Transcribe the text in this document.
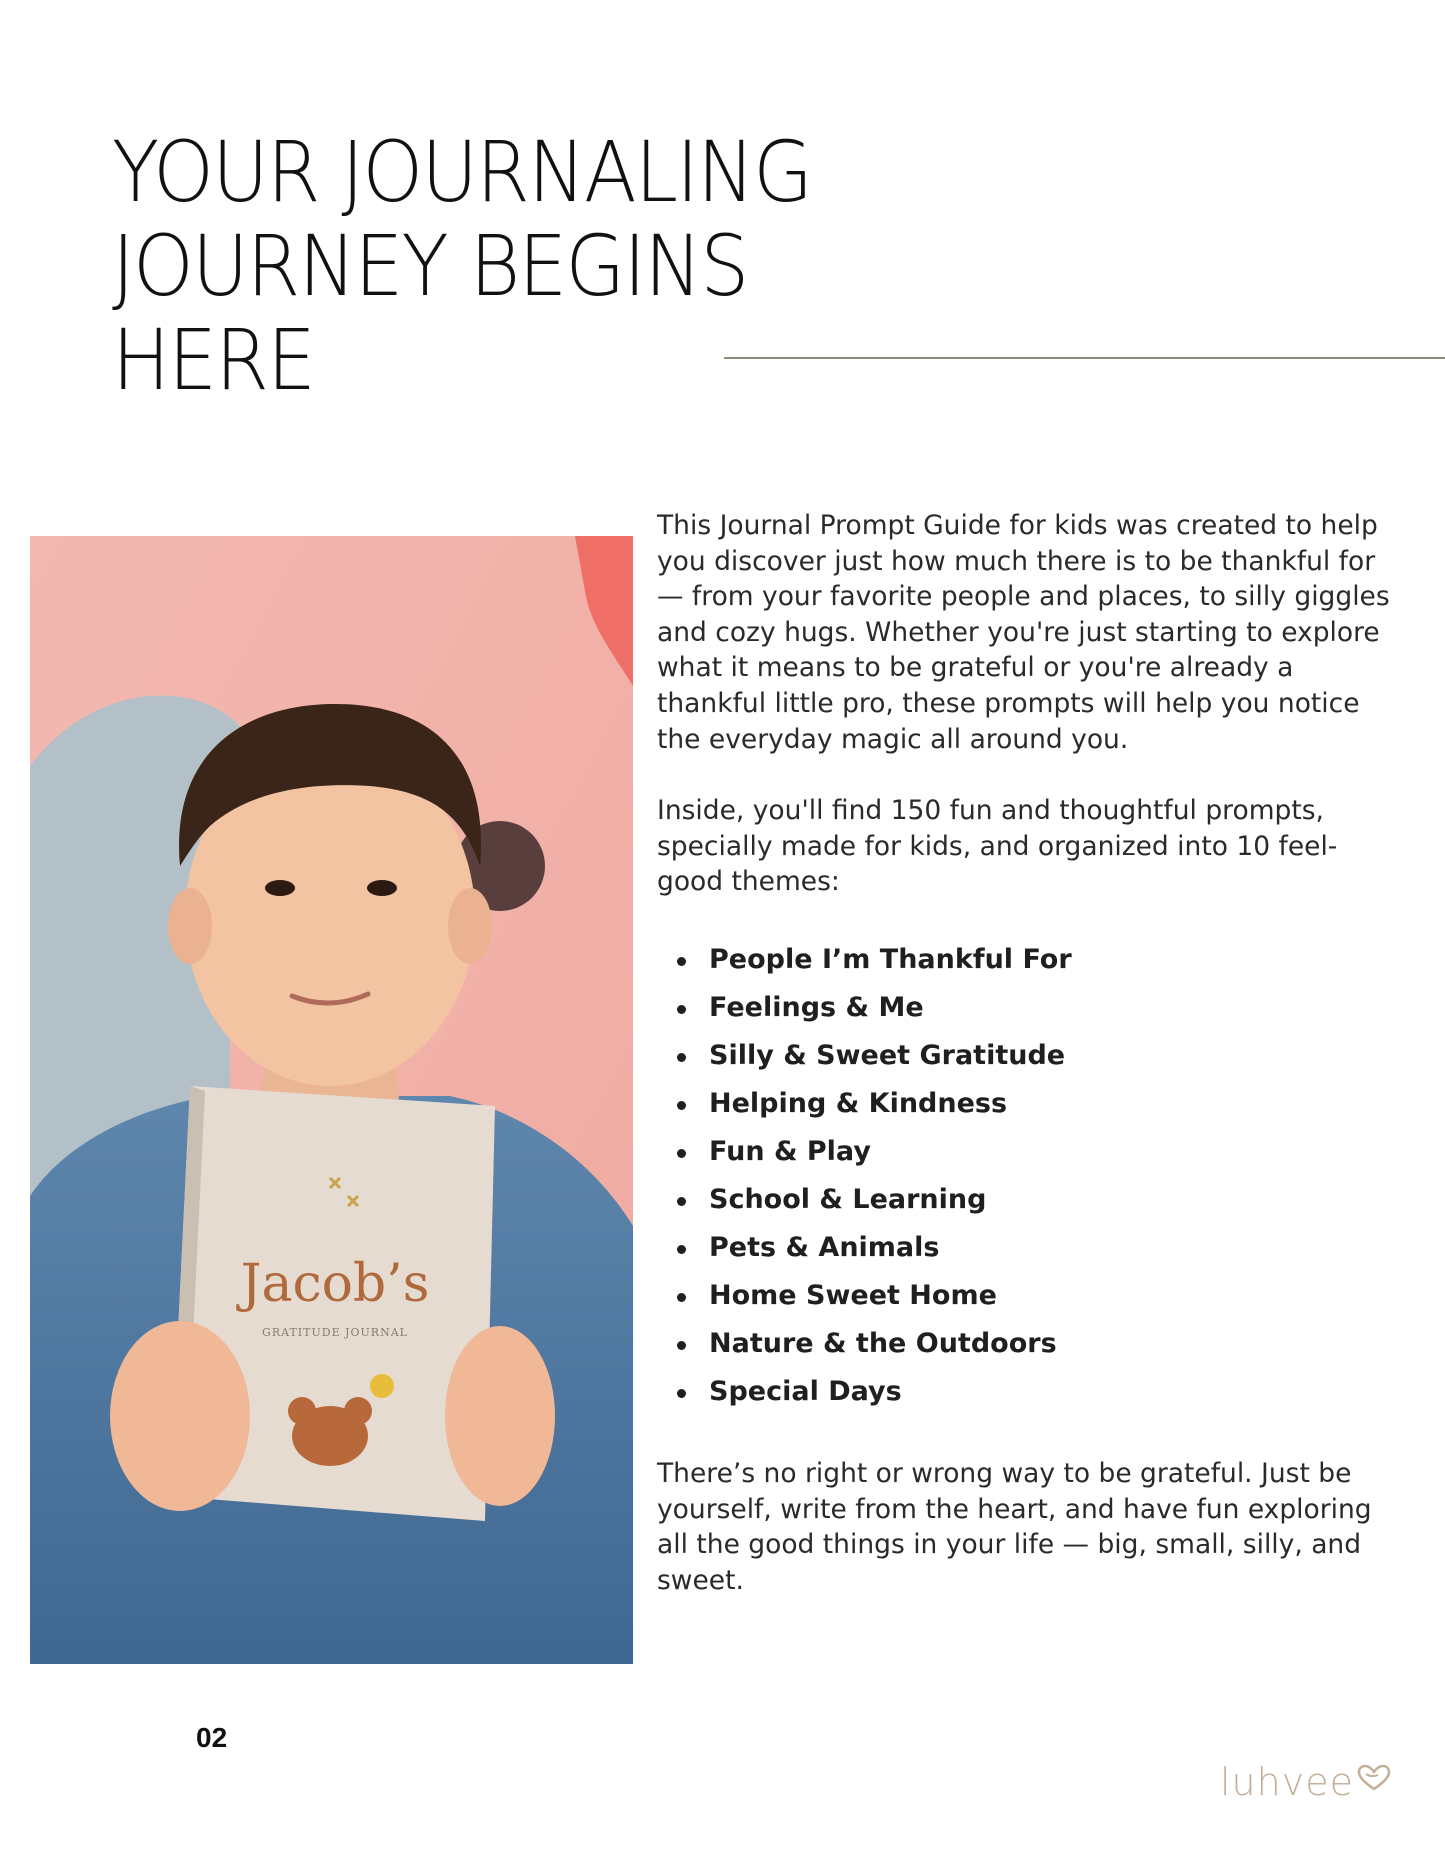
YOUR JOURNALING
JOURNEY BEGINS
HERE
Jacob’s
GRATITUDE JOURNAL

This Journal Prompt Guide for kids was created to help you discover just how much there is to be thankful for — from your favorite people and places, to silly giggles and cozy hugs. Whether you're just starting to explore what it means to be grateful or you're already a thankful little pro, these prompts will help you notice the everyday magic all around you.

Inside, you'll find 150 fun and thoughtful prompts, specially made for kids, and organized into 10 feel-good themes:

People I’m Thankful For
Feelings & Me
Silly & Sweet Gratitude
Helping & Kindness
Fun & Play
School & Learning
Pets & Animals
Home Sweet Home
Nature & the Outdoors
Special Days

There’s no right or wrong way to be grateful. Just be yourself, write from the heart, and have fun exploring all the good things in your life — big, small, silly, and sweet.

02
luhvee
